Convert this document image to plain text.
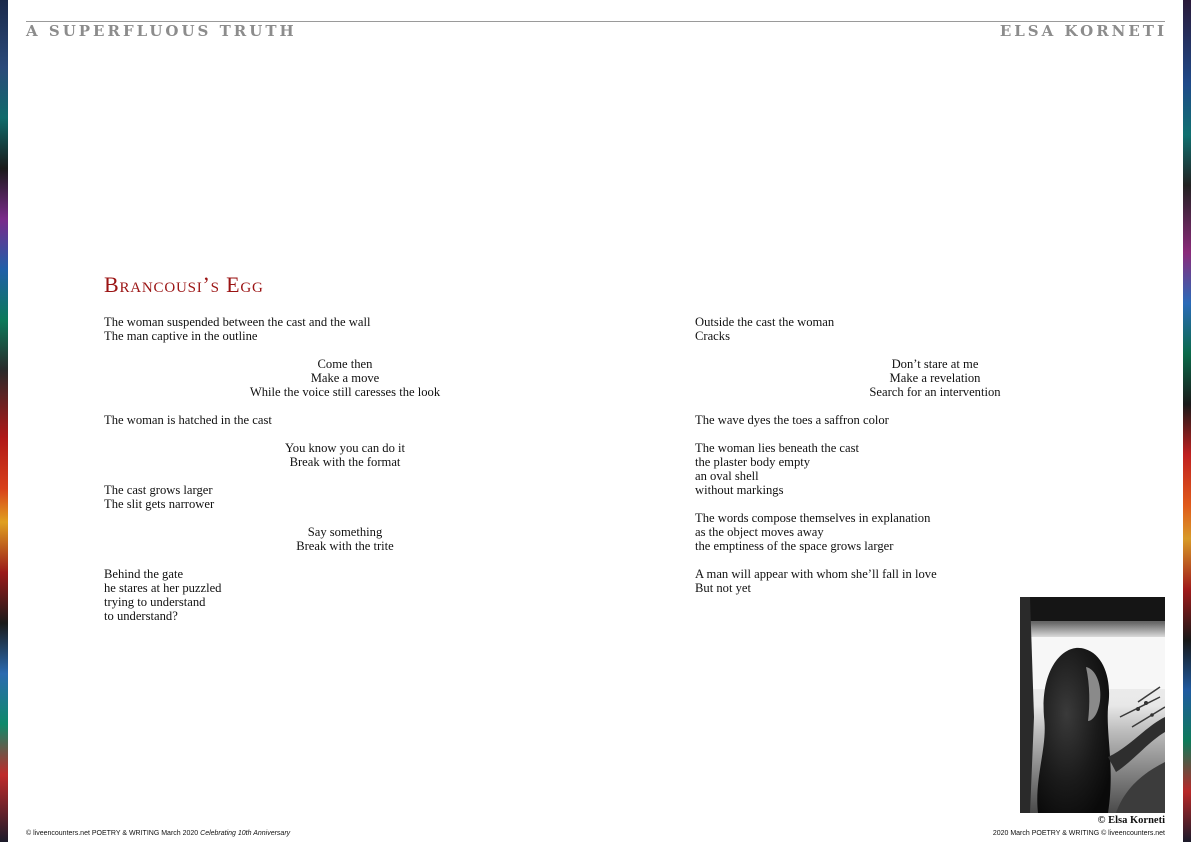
A SUPERFLUOUS TRUTH	ELSA KORNETI
Brancousi’s Egg
The woman suspended between the cast and the wall
The man captive in the outline
Come then
Make a move
While the voice still caresses the look
The woman is hatched in the cast
You know you can do it
Break with the format
The cast grows larger
The slit gets narrower
Say something
Break with the trite
Behind the gate
he stares at her puzzled
trying to understand
to understand?
Outside the cast the woman
Cracks
Don’t stare at me
Make a revelation
Search for an intervention
The wave dyes the toes a saffron color
The woman lies beneath the cast
the plaster body empty
an oval shell
without markings
The words compose themselves in explanation
as the object moves away
the emptiness of the space grows larger
A man will appear with whom she’ll fall in love
But not yet
© Elsa Korneti
© liveencounters.net POETRY & WRITING March 2020 Celebrating 10th Anniversary	2020 March POETRY & WRITING © liveencounters.net
